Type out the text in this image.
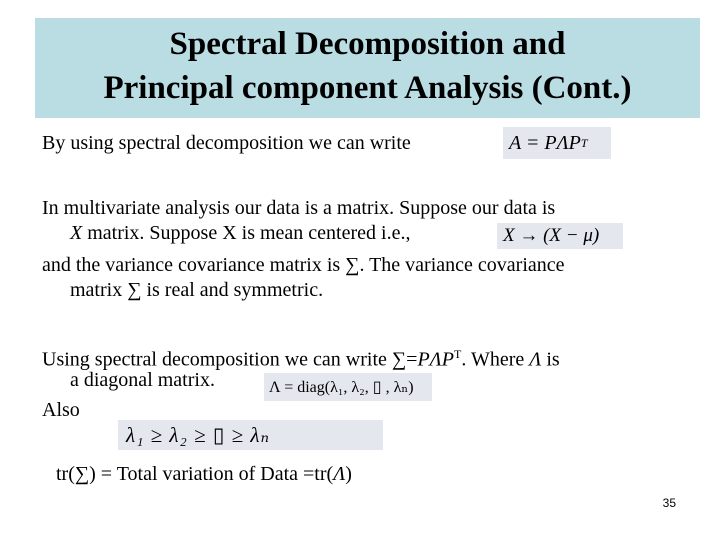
Spectral Decomposition and
Principal component Analysis (Cont.)
By using spectral decomposition we can write	A = PΛP T
In multivariate analysis our data is a matrix. Suppose our data is
X matrix. Suppose X is mean centered i.e.,	X → (X − μ)
and the variance covariance matrix is ∑. The variance covariance
matrix ∑ is real and symmetric.
Using spectral decomposition we can write $\sum=P\Lambda P^T$. Where Λ is
a diagonal matrix.	Λ = diag(λ₁, λ₂, ▯ , λₙ)
Also
λ₁ ≥ λ₂ ≥ ▯ ≥ λₙ
tr(∑) = Total variation of Data =tr(Λ)
35
